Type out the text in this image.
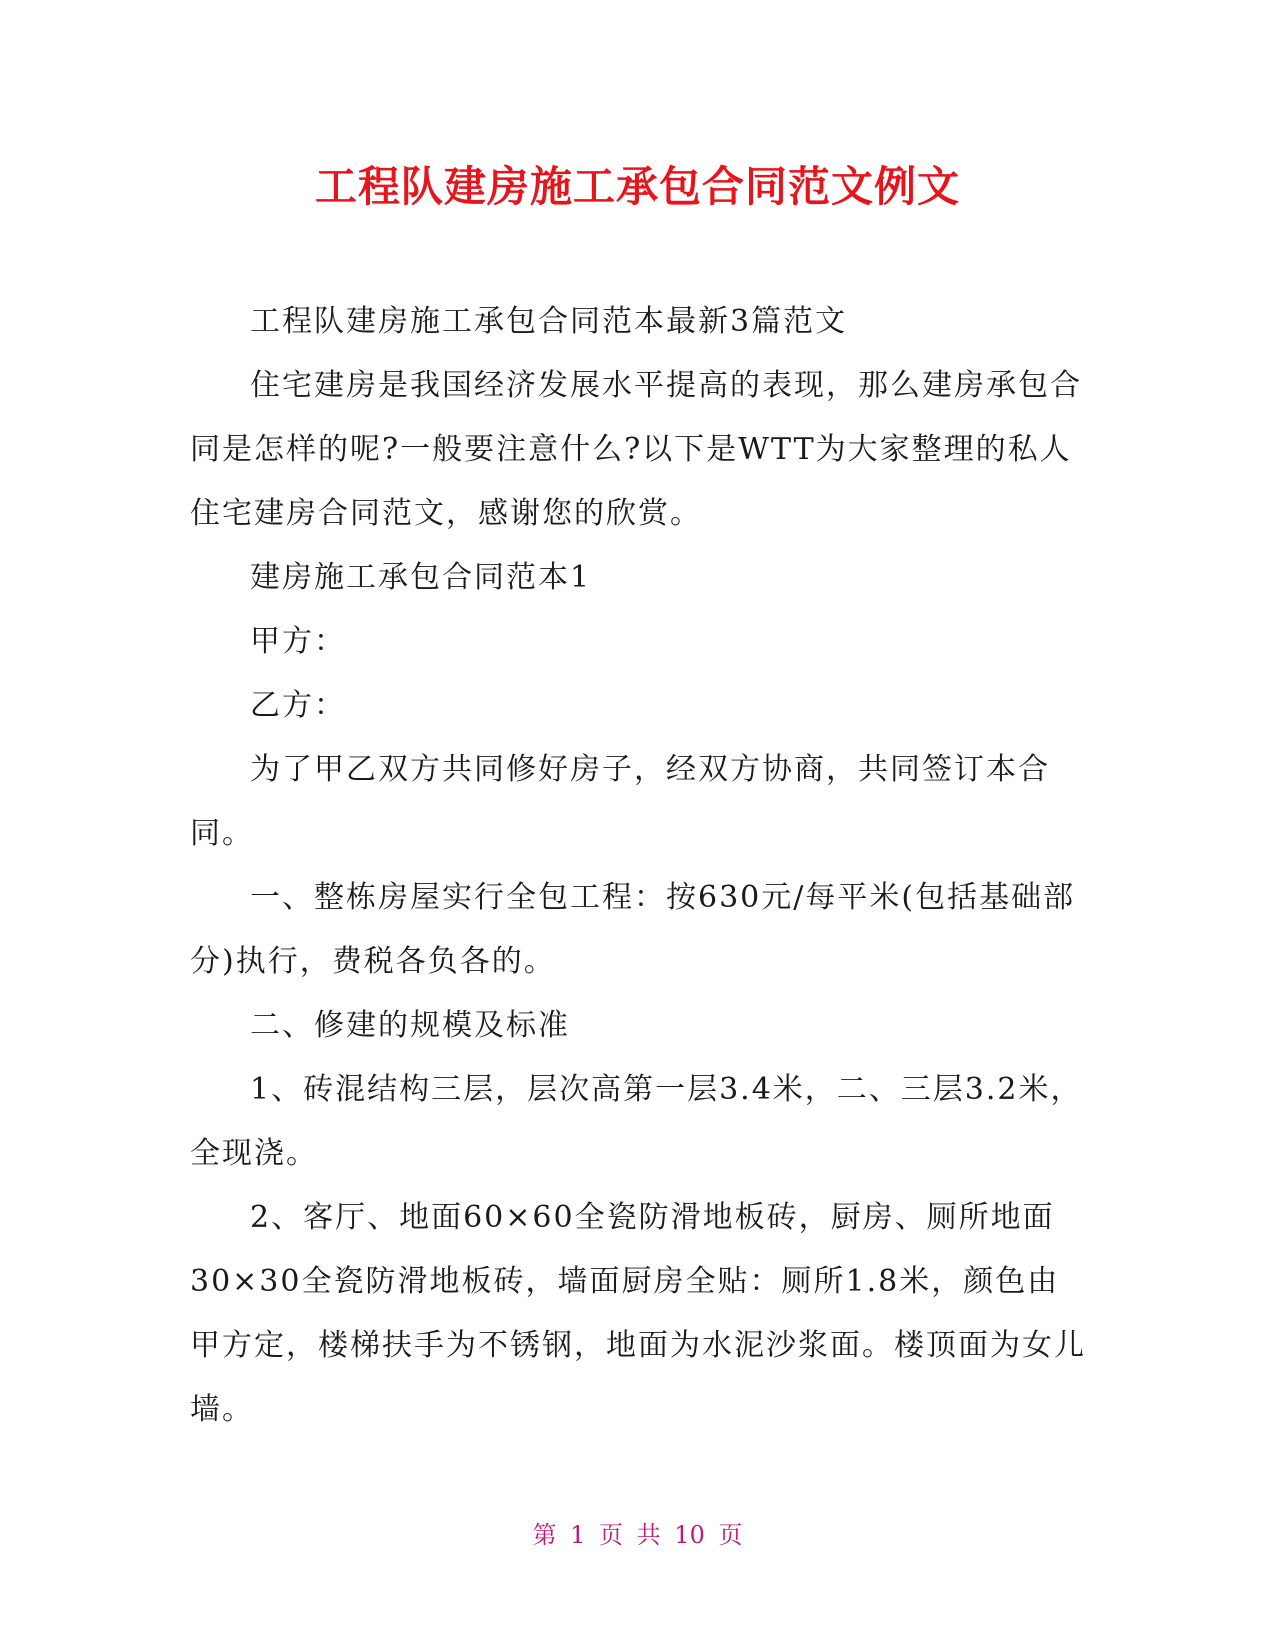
工程队建房施工承包合同范文例文

工程队建房施工承包合同范本最新3篇范文

住宅建房是我国经济发展水平提高的表现，那么建房承包合同是怎样的呢?一般要注意什么?以下是WTT为大家整理的私人住宅建房合同范文，感谢您的欣赏。

建房施工承包合同范本1

甲方：

乙方：

为了甲乙双方共同修好房子，经双方协商，共同签订本合同。

一、整栋房屋实行全包工程：按630元/每平米(包括基础部分)执行，费税各负各的。

二、修建的规模及标准

1、砖混结构三层，层次高第一层3.4米，二、三层3.2米，全现浇。

2、客厅、地面60×60全瓷防滑地板砖，厨房、厕所地面30×30全瓷防滑地板砖，墙面厨房全贴：厕所1.8米，颜色由甲方定，楼梯扶手为不锈钢，地面为水泥沙浆面。楼顶面为女儿墙。

第 1 页 共 10 页
